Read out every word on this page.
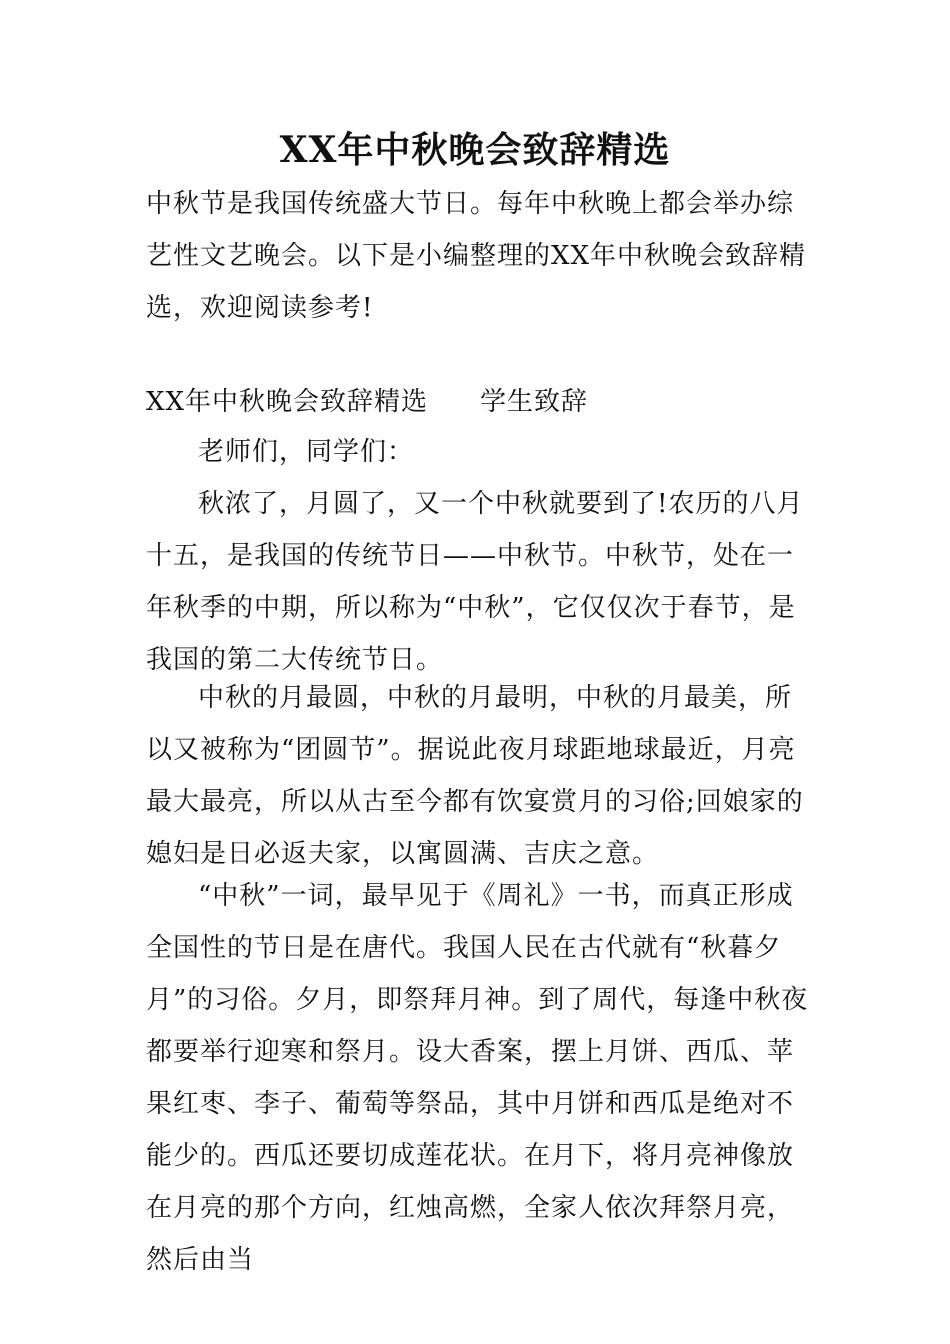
XX年中秋晚会致辞精选

中秋节是我国传统盛大节日。每年中秋晚上都会举办综艺性文艺晚会。以下是小编整理的XX年中秋晚会致辞精选，欢迎阅读参考!

XX年中秋晚会致辞精选 学生致辞

老师们，同学们：

秋浓了，月圆了，又一个中秋就要到了!农历的八月十五，是我国的传统节日——中秋节。中秋节，处在一年秋季的中期，所以称为“中秋”，它仅仅次于春节，是我国的第二大传统节日。

中秋的月最圆，中秋的月最明，中秋的月最美，所以又被称为“团圆节”。据说此夜月球距地球最近，月亮最大最亮，所以从古至今都有饮宴赏月的习俗;回娘家的媳妇是日必返夫家，以寓圆满、吉庆之意。

“中秋”一词，最早见于《周礼》一书，而真正形成全国性的节日是在唐代。我国人民在古代就有“秋暮夕月”的习俗。夕月，即祭拜月神。到了周代，每逢中秋夜都要举行迎寒和祭月。设大香案，摆上月饼、西瓜、苹果红枣、李子、葡萄等祭品，其中月饼和西瓜是绝对不能少的。西瓜还要切成莲花状。在月下，将月亮神像放在月亮的那个方向，红烛高燃，全家人依次拜祭月亮，然后由当
